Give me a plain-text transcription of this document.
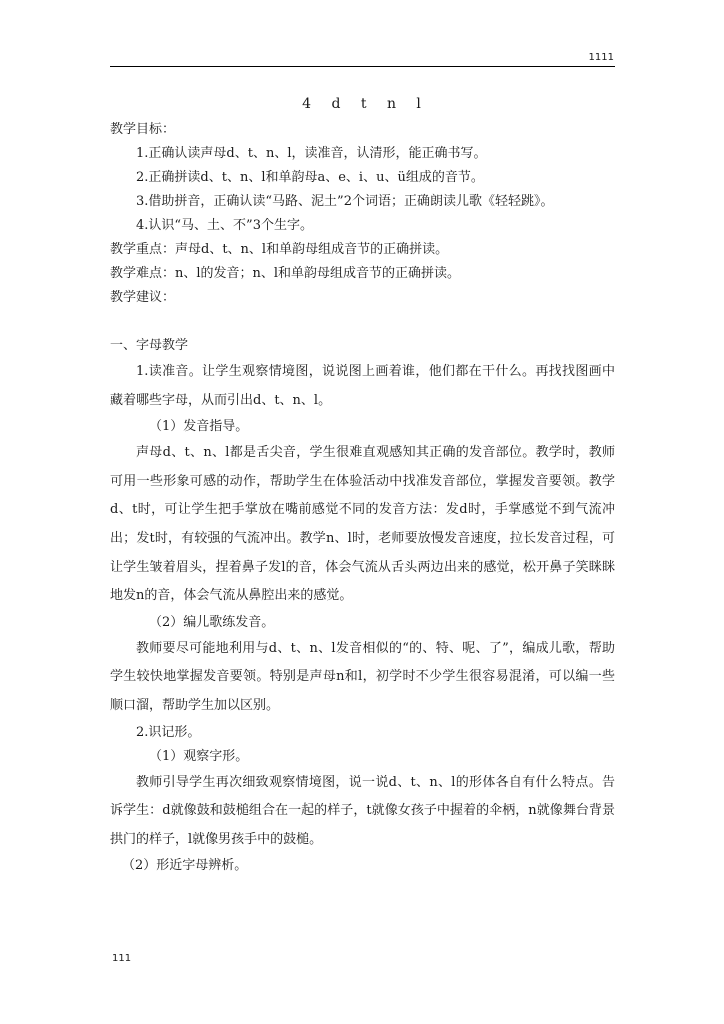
1111
4 d t n l
教学目标：
1.正确认读声母d、t、n、l，读准音，认清形，能正确书写。
2.正确拼读d、t、n、l和单韵母a、e、i、u、ü组成的音节。
3.借助拼音，正确认读“马路、泥土”2个词语；正确朗读儿歌《轻轻跳》。
4.认识“马、土、不”3个生字。
教学重点：声母d、t、n、l和单韵母组成音节的正确拼读。
教学难点：n、l的发音；n、l和单韵母组成音节的正确拼读。
教学建议：
一、字母教学
1.读准音。让学生观察情境图，说说图上画着谁，他们都在干什么。再找找图画中藏着哪些字母，从而引出d、t、n、l。
（1）发音指导。
声母d、t、n、l都是舌尖音，学生很难直观感知其正确的发音部位。教学时，教师可用一些形象可感的动作，帮助学生在体验活动中找准发音部位，掌握发音要领。教学d、t时，可让学生把手掌放在嘴前感觉不同的发音方法：发d时，手掌感觉不到气流冲出；发t时，有较强的气流冲出。教学n、l时，老师要放慢发音速度，拉长发音过程，可让学生皱着眉头，捏着鼻子发l的音，体会气流从舌头两边出来的感觉，松开鼻子笑眯眯地发n的音，体会气流从鼻腔出来的感觉。
（2）编儿歌练发音。
教师要尽可能地利用与d、t、n、l发音相似的“的、特、呢、了”，编成儿歌，帮助学生较快地掌握发音要领。特别是声母n和l，初学时不少学生很容易混淆，可以编一些顺口溜，帮助学生加以区别。
2.识记形。
（1）观察字形。
教师引导学生再次细致观察情境图，说一说d、t、n、l的形体各自有什么特点。告诉学生：d就像鼓和鼓槌组合在一起的样子，t就像女孩子中握着的伞柄，n就像舞台背景拱门的样子，l就像男孩手中的鼓槌。
（2）形近字母辨析。
111
